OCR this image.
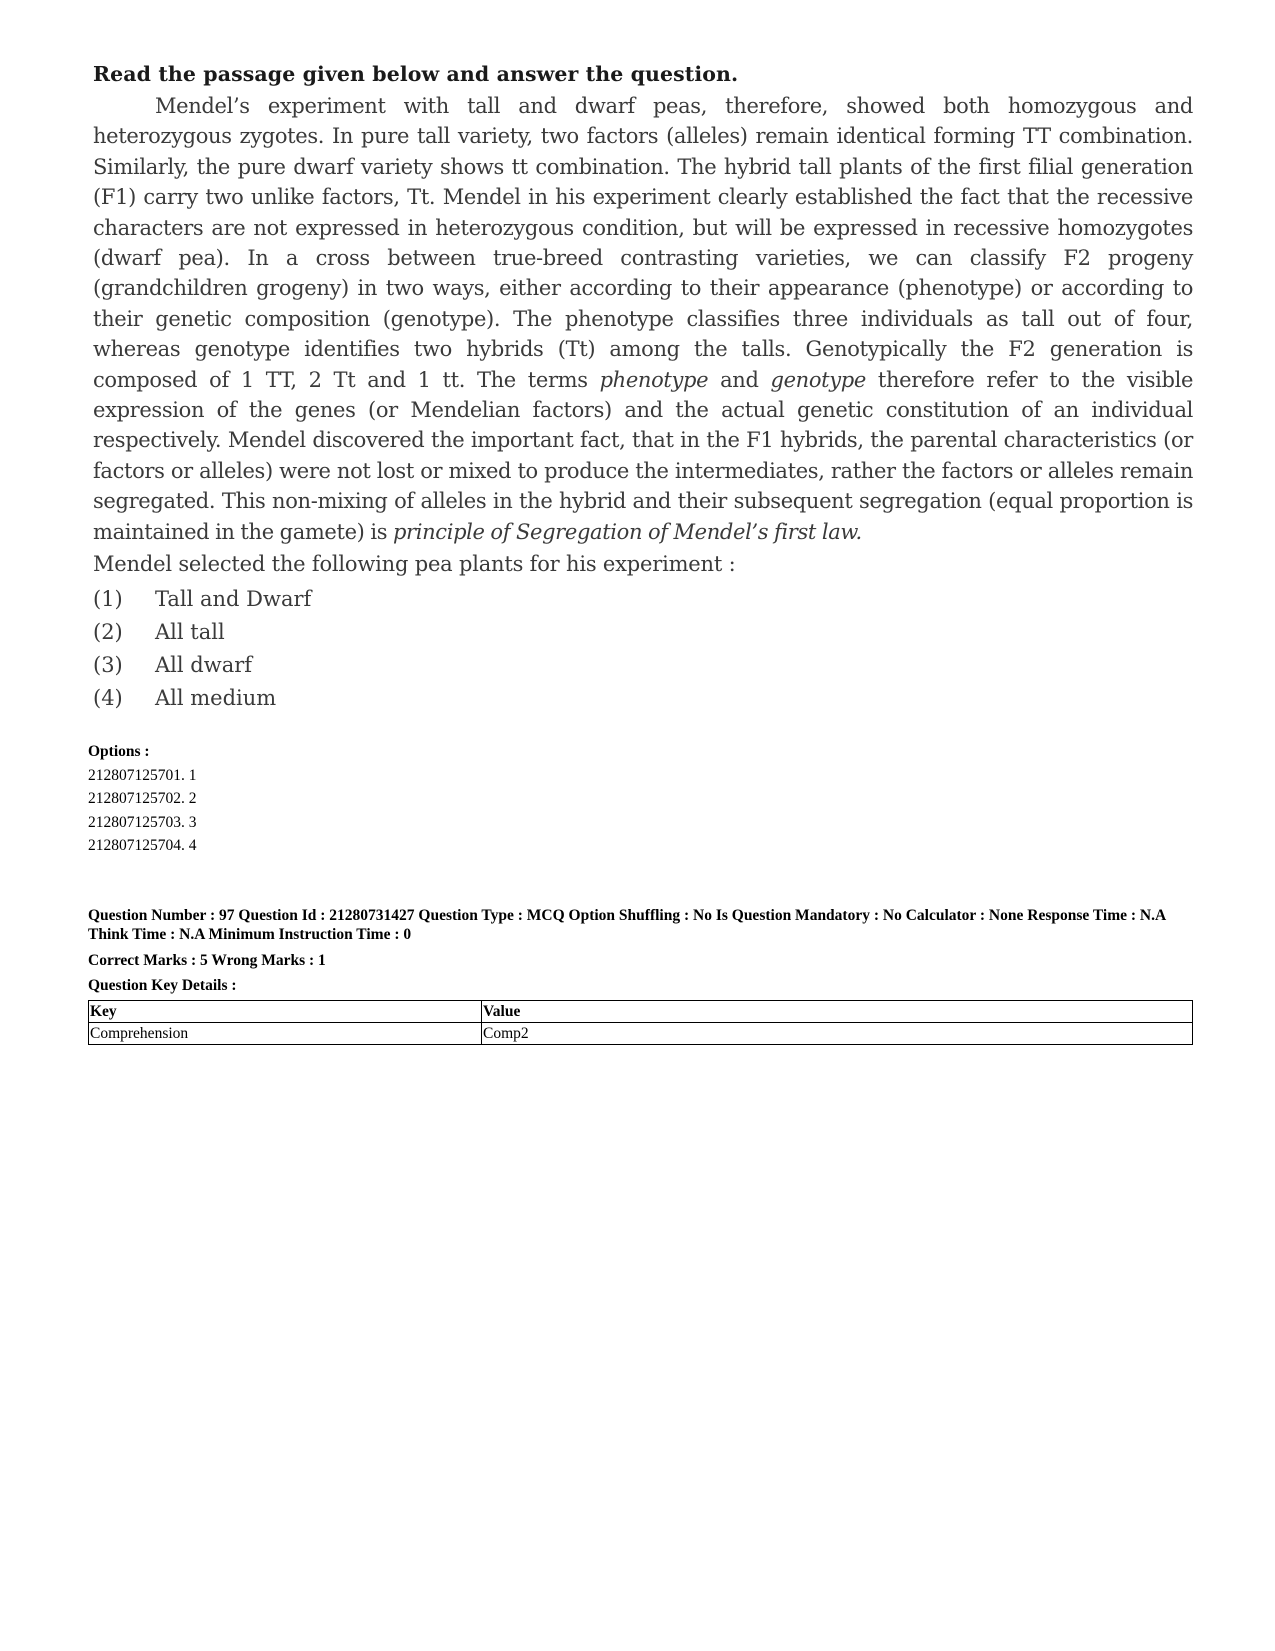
Read the passage given below and answer the question.

Mendel’s experiment with tall and dwarf peas, therefore, showed both homozygous and heterozygous zygotes. In pure tall variety, two factors (alleles) remain identical forming TT combination. Similarly, the pure dwarf variety shows tt combination. The hybrid tall plants of the first filial generation (F1) carry two unlike factors, Tt. Mendel in his experiment clearly established the fact that the recessive characters are not expressed in heterozygous condition, but will be expressed in recessive homozygotes (dwarf pea). In a cross between true-breed contrasting varieties, we can classify F2 progeny (grandchildren grogeny) in two ways, either according to their appearance (phenotype) or according to their genetic composition (genotype). The phenotype classifies three individuals as tall out of four, whereas genotype identifies two hybrids (Tt) among the talls. Genotypically the F2 generation is composed of 1 TT, 2 Tt and 1 tt. The terms phenotype and genotype therefore refer to the visible expression of the genes (or Mendelian factors) and the actual genetic constitution of an individual respectively. Mendel discovered the important fact, that in the F1 hybrids, the parental characteristics (or factors or alleles) were not lost or mixed to produce the intermediates, rather the factors or alleles remain segregated. This non-mixing of alleles in the hybrid and their subsequent segregation (equal proportion is maintained in the gamete) is principle of Segregation of Mendel’s first law.

Mendel selected the following pea plants for his experiment :
(1)	Tall and Dwarf
(2)	All tall
(3)	All dwarf
(4)	All medium
Options :
212807125701. 1
212807125702. 2
212807125703. 3
212807125704. 4
Question Number : 97 Question Id : 21280731427 Question Type : MCQ Option Shuffling : No Is Question Mandatory : No Calculator : None Response Time : N.A Think Time : N.A Minimum Instruction Time : 0
Correct Marks : 5 Wrong Marks : 1
Question Key Details :
Key	Value
Comprehension	Comp2
